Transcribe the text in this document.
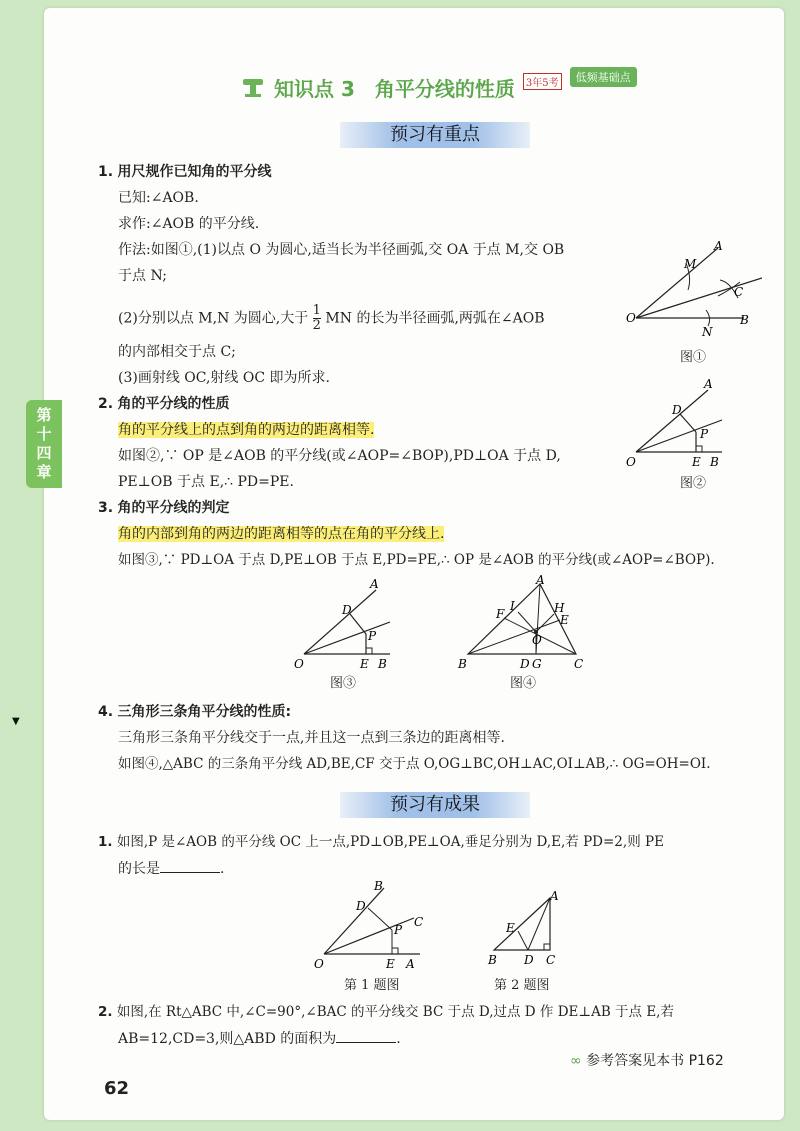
第
十
四
章
▼
知识点 3　角平分线的性质	3年5考	低频基础点
预习有重点
1. 用尺规作已知角的平分线
已知:∠AOB.
求作:∠AOB 的平分线.
作法:如图①,(1)以点 O 为圆心,适当长为半径画弧,交 OA 于点 M,交 OB
于点 N;
(2)分别以点 M,N 为圆心,大于 $\frac{1}{2}$ MN 的长为半径画弧,两弧在∠AOB
的内部相交于点 C;
(3)画射线 OC,射线 OC 即为所求.
A
M
C
O
N
B
图①
2. 角的平分线的性质
角的平分线上的点到角的两边的距离相等.
如图②,∵ OP 是∠AOB 的平分线(或∠AOP=∠BOP),PD⊥OA 于点 D,
PE⊥OB 于点 E,∴ PD=PE.
A
D
P
O	E B
图②
3. 角的平分线的判定
角的内部到角的两边的距离相等的点在角的平分线上.
如图③,∵ PD⊥OA 于点 D,PE⊥OB 于点 E,PD=PE,∴ OP 是∠AOB 的平分线(或∠AOP=∠BOP).
A
D
P
O	E B
图③
A
F
I	H
E
O
B	D G	C
图④
4. 三角形三条角平分线的性质:
三角形三条角平分线交于一点,并且这一点到三条边的距离相等.
如图④,△ABC 的三条角平分线 AD,BE,CF 交于点 O,OG⊥BC,OH⊥AC,OI⊥AB,∴ OG=OH=OI.
预习有成果
1. 如图,P 是∠AOB 的平分线 OC 上一点,PD⊥OB,PE⊥OA,垂足分别为 D,E,若 PD=2,则 PE
的长是	.
B
D
C
P
O	E A
第 1 题图
A
E
B D C
第 2 题图
2. 如图,在 Rt△ABC 中,∠C=90°,∠BAC 的平分线交 BC 于点 D,过点 D 作 DE⊥AB 于点 E,若
AB=12,CD=3,则△ABD 的面积为	.
∞ 参考答案见本书 P162
62
